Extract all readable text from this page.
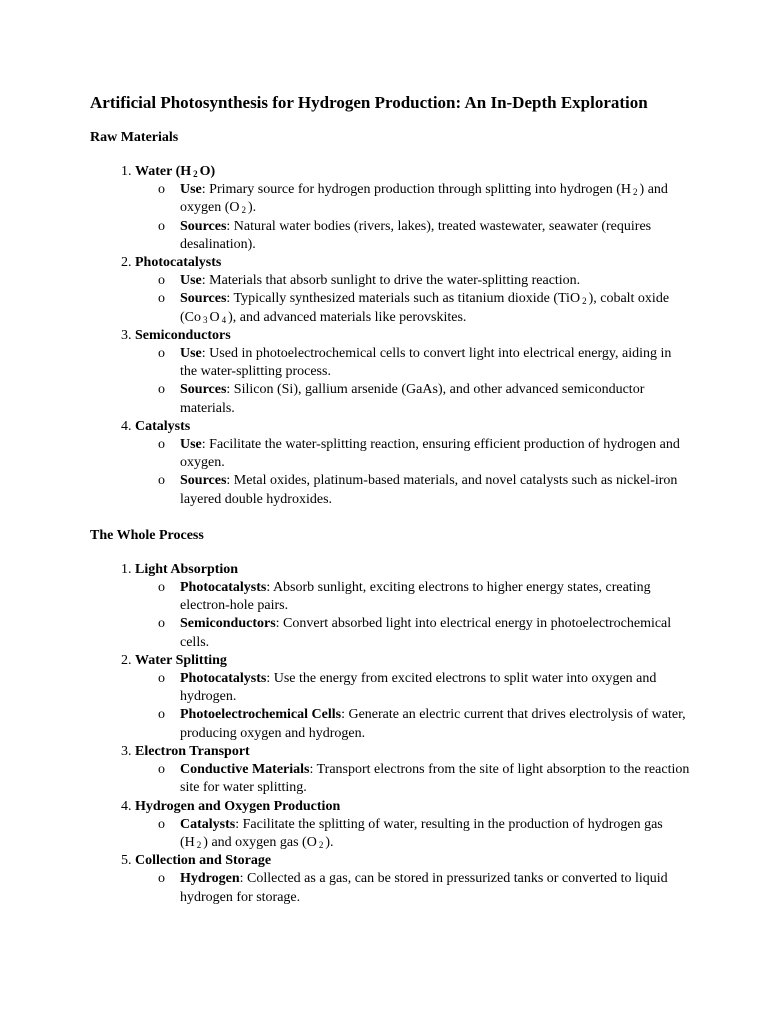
Artificial Photosynthesis for Hydrogen Production: An In-Depth Exploration
Raw Materials
1. Water (H $_2$ O)
o Use: Primary source for hydrogen production through splitting into hydrogen (H $_2$ ) and oxygen (O $_2$ ).
o Sources: Natural water bodies (rivers, lakes), treated wastewater, seawater (requires desalination).
2. Photocatalysts
o Use: Materials that absorb sunlight to drive the water-splitting reaction.
o Sources: Typically synthesized materials such as titanium dioxide (TiO $_2$ ), cobalt oxide (Co $_3$ O $_4$ ), and advanced materials like perovskites.
3. Semiconductors
o Use: Used in photoelectrochemical cells to convert light into electrical energy, aiding in the water-splitting process.
o Sources: Silicon (Si), gallium arsenide (GaAs), and other advanced semiconductor materials.
4. Catalysts
o Use: Facilitate the water-splitting reaction, ensuring efficient production of hydrogen and oxygen.
o Sources: Metal oxides, platinum-based materials, and novel catalysts such as nickel-iron layered double hydroxides.
The Whole Process
1. Light Absorption
o Photocatalysts: Absorb sunlight, exciting electrons to higher energy states, creating electron-hole pairs.
o Semiconductors: Convert absorbed light into electrical energy in photoelectrochemical cells.
2. Water Splitting
o Photocatalysts: Use the energy from excited electrons to split water into oxygen and hydrogen.
o Photoelectrochemical Cells: Generate an electric current that drives electrolysis of water, producing oxygen and hydrogen.
3. Electron Transport
o Conductive Materials: Transport electrons from the site of light absorption to the reaction site for water splitting.
4. Hydrogen and Oxygen Production
o Catalysts: Facilitate the splitting of water, resulting in the production of hydrogen gas (H $_2$ ) and oxygen gas (O $_2$ ).
5. Collection and Storage
o Hydrogen: Collected as a gas, can be stored in pressurized tanks or converted to liquid hydrogen for storage.
